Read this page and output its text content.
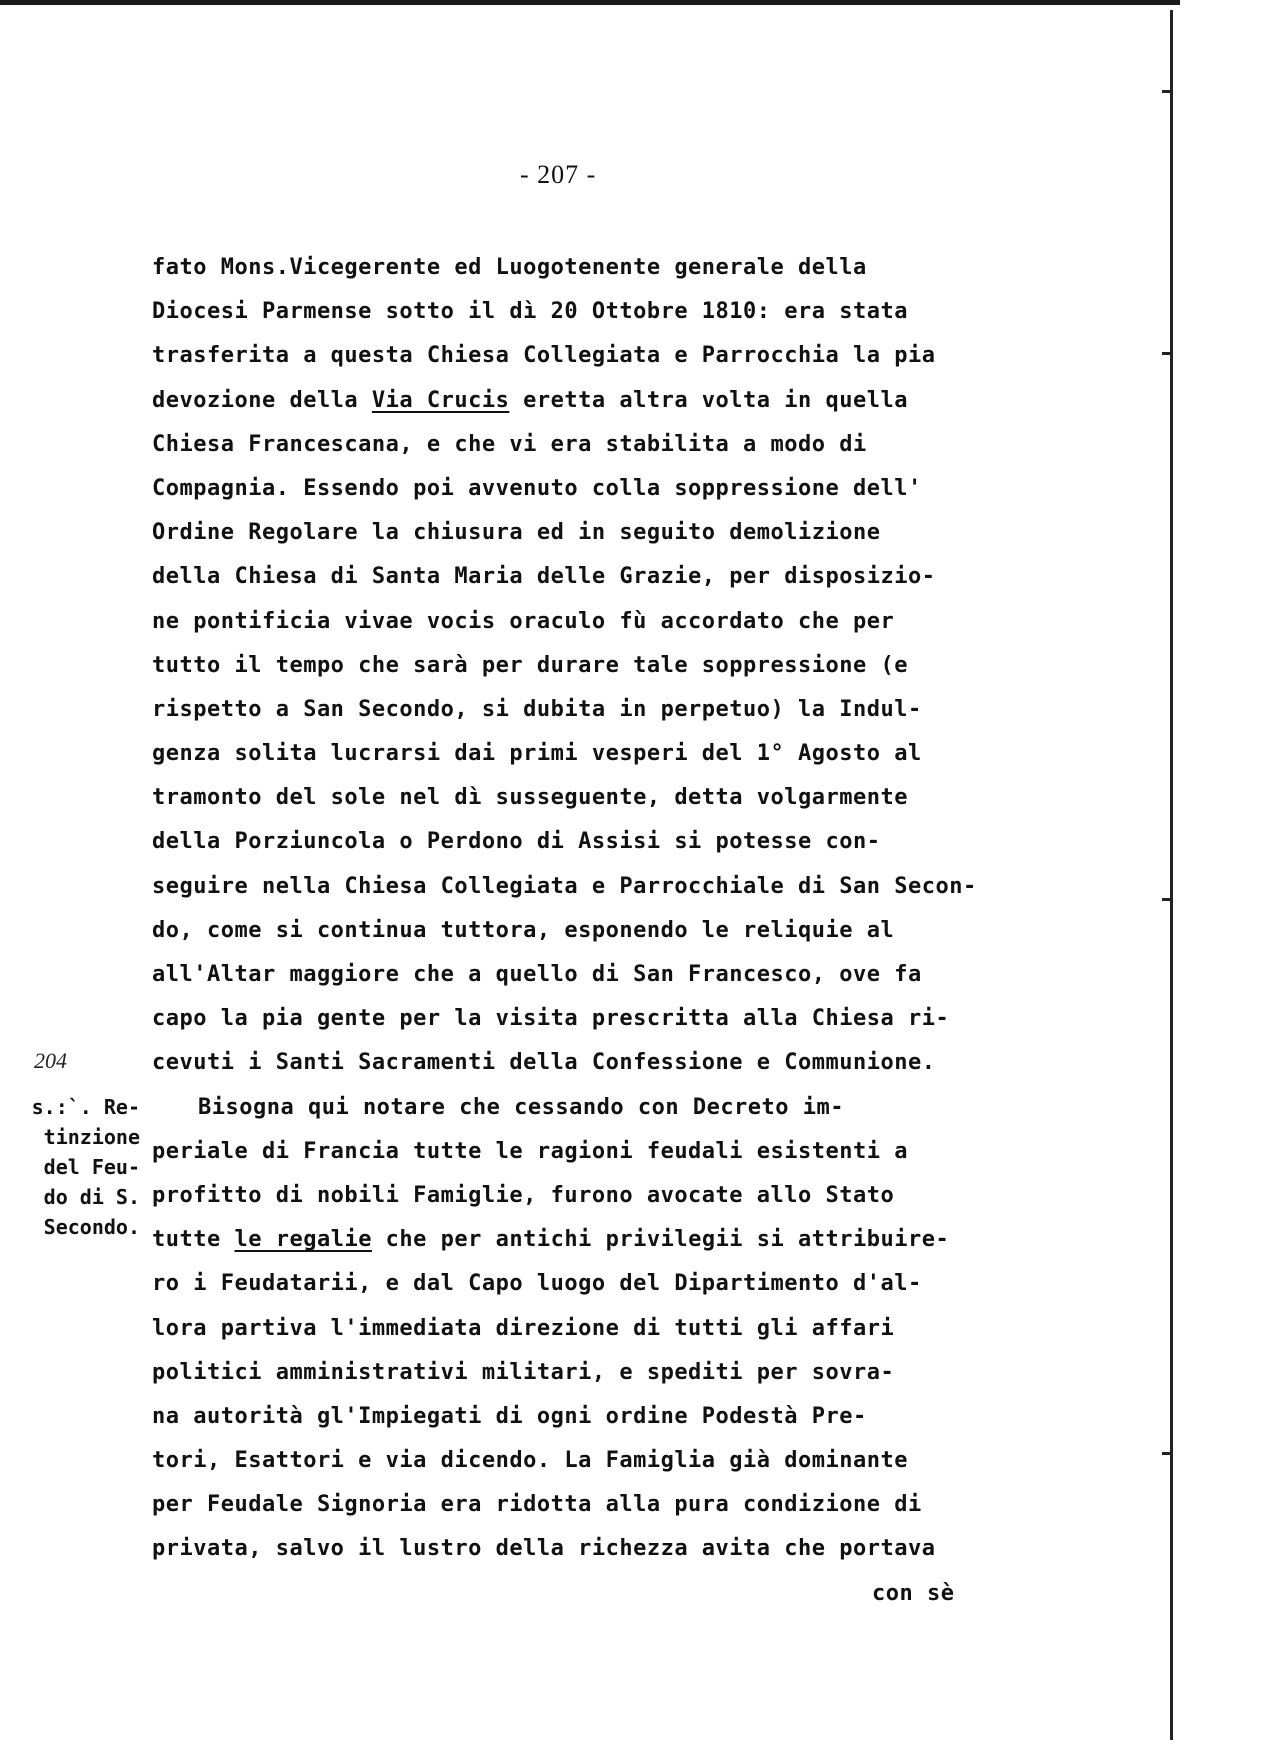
- 207 -
204
s.:`. Re-
tinzione
del Feu-
do di S.
Secondo.
fato Mons.Vicegerente ed Luogotenente generale della
Diocesi Parmense sotto il dì 20 Ottobre 1810: era stata
trasferita a questa Chiesa Collegiata e Parrocchia la pia
devozione della Via Crucis eretta altra volta in quella
Chiesa Francescana, e che vi era stabilita a modo di
Compagnia. Essendo poi avvenuto colla soppressione dell'
Ordine Regolare la chiusura ed in seguito demolizione
della Chiesa di Santa Maria delle Grazie, per disposizio-
ne pontificia vivae vocis oraculo fù accordato che per
tutto il tempo che sarà per durare tale soppressione (e
rispetto a San Secondo, si dubita in perpetuo) la Indul-
genza solita lucrarsi dai primi vesperi del 1° Agosto al
tramonto del sole nel dì susseguente, detta volgarmente
della Porziuncola o Perdono di Assisi si potesse con-
seguire nella Chiesa Collegiata e Parrocchiale di San Secon-
do, come si continua tuttora, esponendo le reliquie al
all'Altar maggiore che a quello di San Francesco, ove fa
capo la pia gente per la visita prescritta alla Chiesa ri-
cevuti i Santi Sacramenti della Confessione e Communione.
Bisogna qui notare che cessando con Decreto im-
periale di Francia tutte le ragioni feudali esistenti a
profitto di nobili Famiglie, furono avocate allo Stato
tutte le regalie che per antichi privilegii si attribuire-
ro i Feudatarii, e dal Capo luogo del Dipartimento d'al-
lora partiva l'immediata direzione di tutti gli affari
politici amministrativi militari, e spediti per sovra-
na autorità gl'Impiegati di ogni ordine Podestà Pre-
tori, Esattori e via dicendo. La Famiglia già dominante
per Feudale Signoria era ridotta alla pura condizione di
privata, salvo il lustro della richezza avita che portava
con sè
